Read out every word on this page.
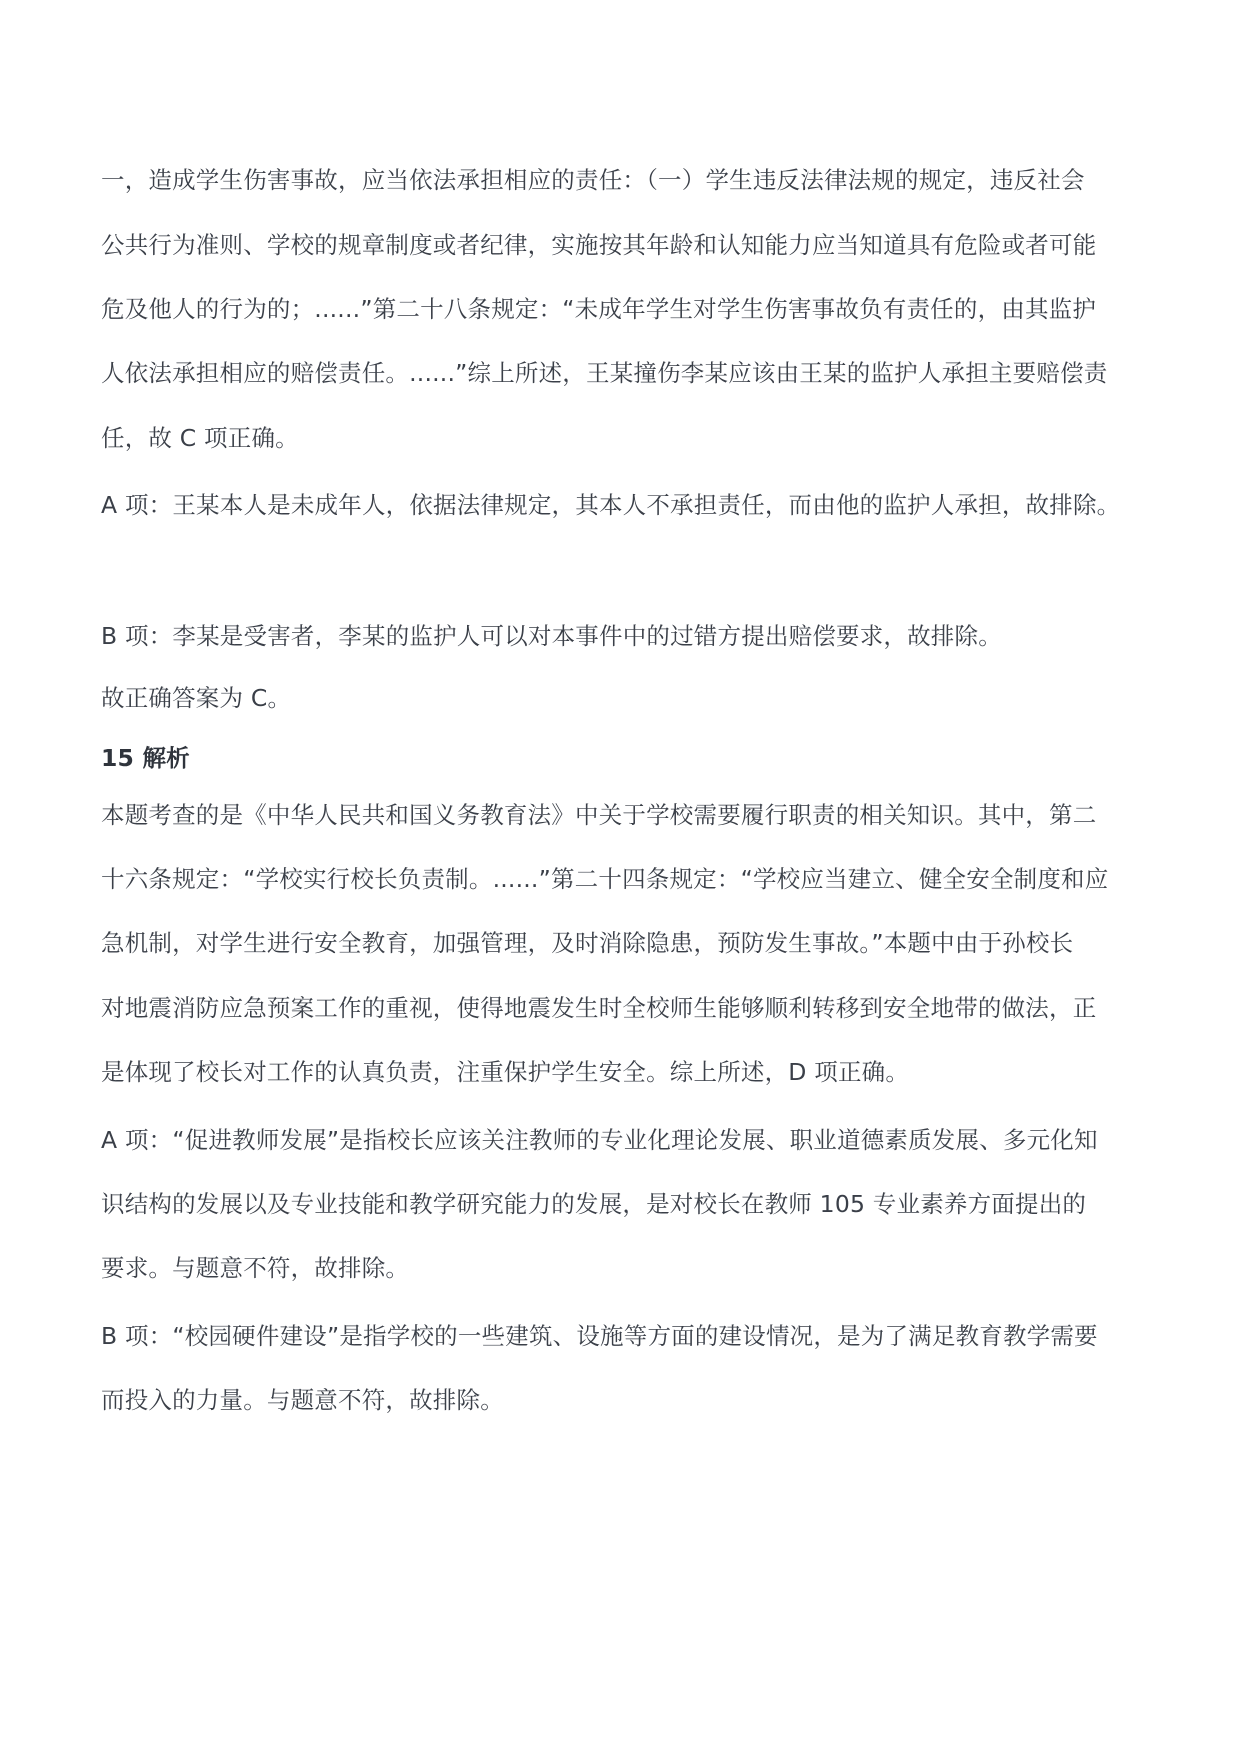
一，造成学生伤害事故，应当依法承担相应的责任：（一）学生违反法律法规的规定，违反社会
公共行为准则、学校的规章制度或者纪律，实施按其年龄和认知能力应当知道具有危险或者可能
危及他人的行为的；......”第二十八条规定：“未成年学生对学生伤害事故负有责任的，由其监护
人依法承担相应的赔偿责任。......”综上所述，王某撞伤李某应该由王某的监护人承担主要赔偿责
任，故 C 项正确。
A 项：王某本人是未成年人，依据法律规定，其本人不承担责任，而由他的监护人承担，故排除。
B 项：李某是受害者，李某的监护人可以对本事件中的过错方提出赔偿要求，故排除。
故正确答案为 C。
15 解析
本题考查的是《中华人民共和国义务教育法》中关于学校需要履行职责的相关知识。其中，第二
十六条规定：“学校实行校长负责制。......”第二十四条规定：“学校应当建立、健全安全制度和应
急机制，对学生进行安全教育，加强管理，及时消除隐患，预防发生事故。”本题中由于孙校长
对地震消防应急预案工作的重视，使得地震发生时全校师生能够顺利转移到安全地带的做法，正
是体现了校长对工作的认真负责，注重保护学生安全。综上所述，D 项正确。
A 项：“促进教师发展”是指校长应该关注教师的专业化理论发展、职业道德素质发展、多元化知
识结构的发展以及专业技能和教学研究能力的发展，是对校长在教师 105 专业素养方面提出的
要求。与题意不符，故排除。
B 项：“校园硬件建设”是指学校的一些建筑、设施等方面的建设情况，是为了满足教育教学需要
而投入的力量。与题意不符，故排除。
